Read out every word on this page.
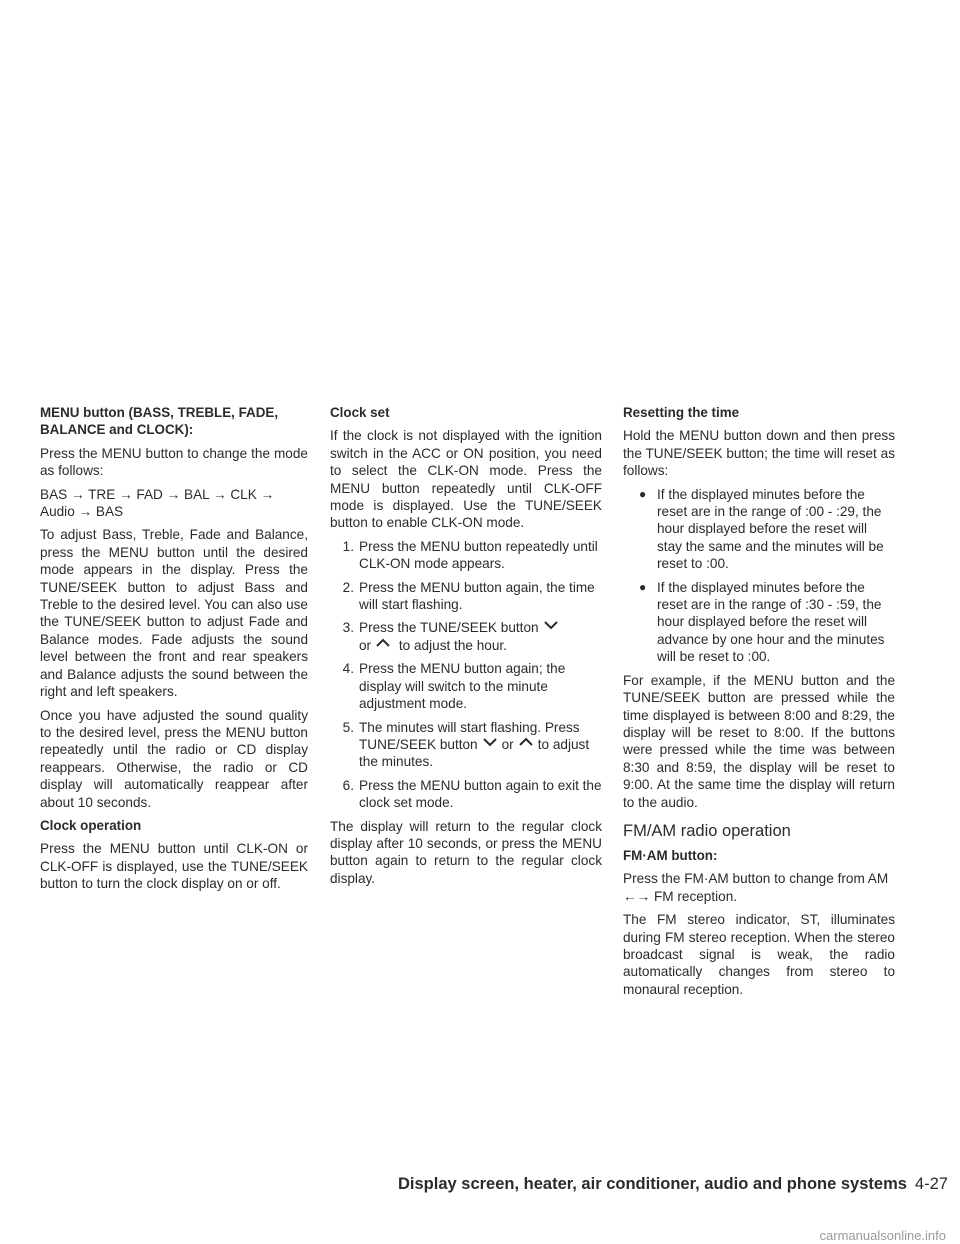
MENU button (BASS, TREBLE, FADE, BALANCE and CLOCK):

Press the MENU button to change the mode as follows:

BAS → TRE → FAD → BAL → CLK → Audio → BAS

To adjust Bass, Treble, Fade and Balance, press the MENU button until the desired mode appears in the display. Press the TUNE/SEEK button to adjust Bass and Treble to the desired level. You can also use the TUNE/SEEK button to adjust Fade and Balance modes. Fade adjusts the sound level between the front and rear speakers and Balance adjusts the sound between the right and left speakers.

Once you have adjusted the sound quality to the desired level, press the MENU button repeatedly until the radio or CD display reappears. Otherwise, the radio or CD display will automatically reappear after about 10 seconds.

Clock operation

Press the MENU button until CLK-ON or CLK-OFF is displayed, use the TUNE/SEEK button to turn the clock display on or off.

Clock set

If the clock is not displayed with the ignition switch in the ACC or ON position, you need to select the CLK-ON mode. Press the MENU button repeatedly until CLK-OFF mode is displayed. Use the TUNE/SEEK button to enable CLK-ON mode.

1. Press the MENU button repeatedly until CLK-ON mode appears.
2. Press the MENU button again, the time will start flashing.
3. Press the TUNE/SEEK button

or to adjust the hour.
4. Press the MENU button again; the display will switch to the minute adjustment mode.
5. The minutes will start flashing. Press TUNE/SEEK button or to adjust the minutes.
6. Press the MENU button again to exit the clock set mode.

The display will return to the regular clock display after 10 seconds, or press the MENU button again to return to the regular clock display.

Resetting the time

Hold the MENU button down and then press the TUNE/SEEK button; the time will reset as follows:

● If the displayed minutes before the reset are in the range of :00 - :29, the hour displayed before the reset will stay the same and the minutes will be reset to :00.
● If the displayed minutes before the reset are in the range of :30 - :59, the hour displayed before the reset will advance by one hour and the minutes will be reset to :00.

For example, if the MENU button and the TUNE/SEEK button are pressed while the time displayed is between 8:00 and 8:29, the display will be reset to 8:00. If the buttons were pressed while the time was between 8:30 and 8:59, the display will be reset to 9:00. At the same time the display will return to the audio.

FM/AM radio operation
FM·AM button:

Press the FM·AM button to change from AM ←→ FM reception.

The FM stereo indicator, ST, illuminates during FM stereo reception. When the stereo broadcast signal is weak, the radio automatically changes from stereo to monaural reception.

Display screen, heater, air conditioner, audio and phone systems 4-27
carmanualsonline.info
